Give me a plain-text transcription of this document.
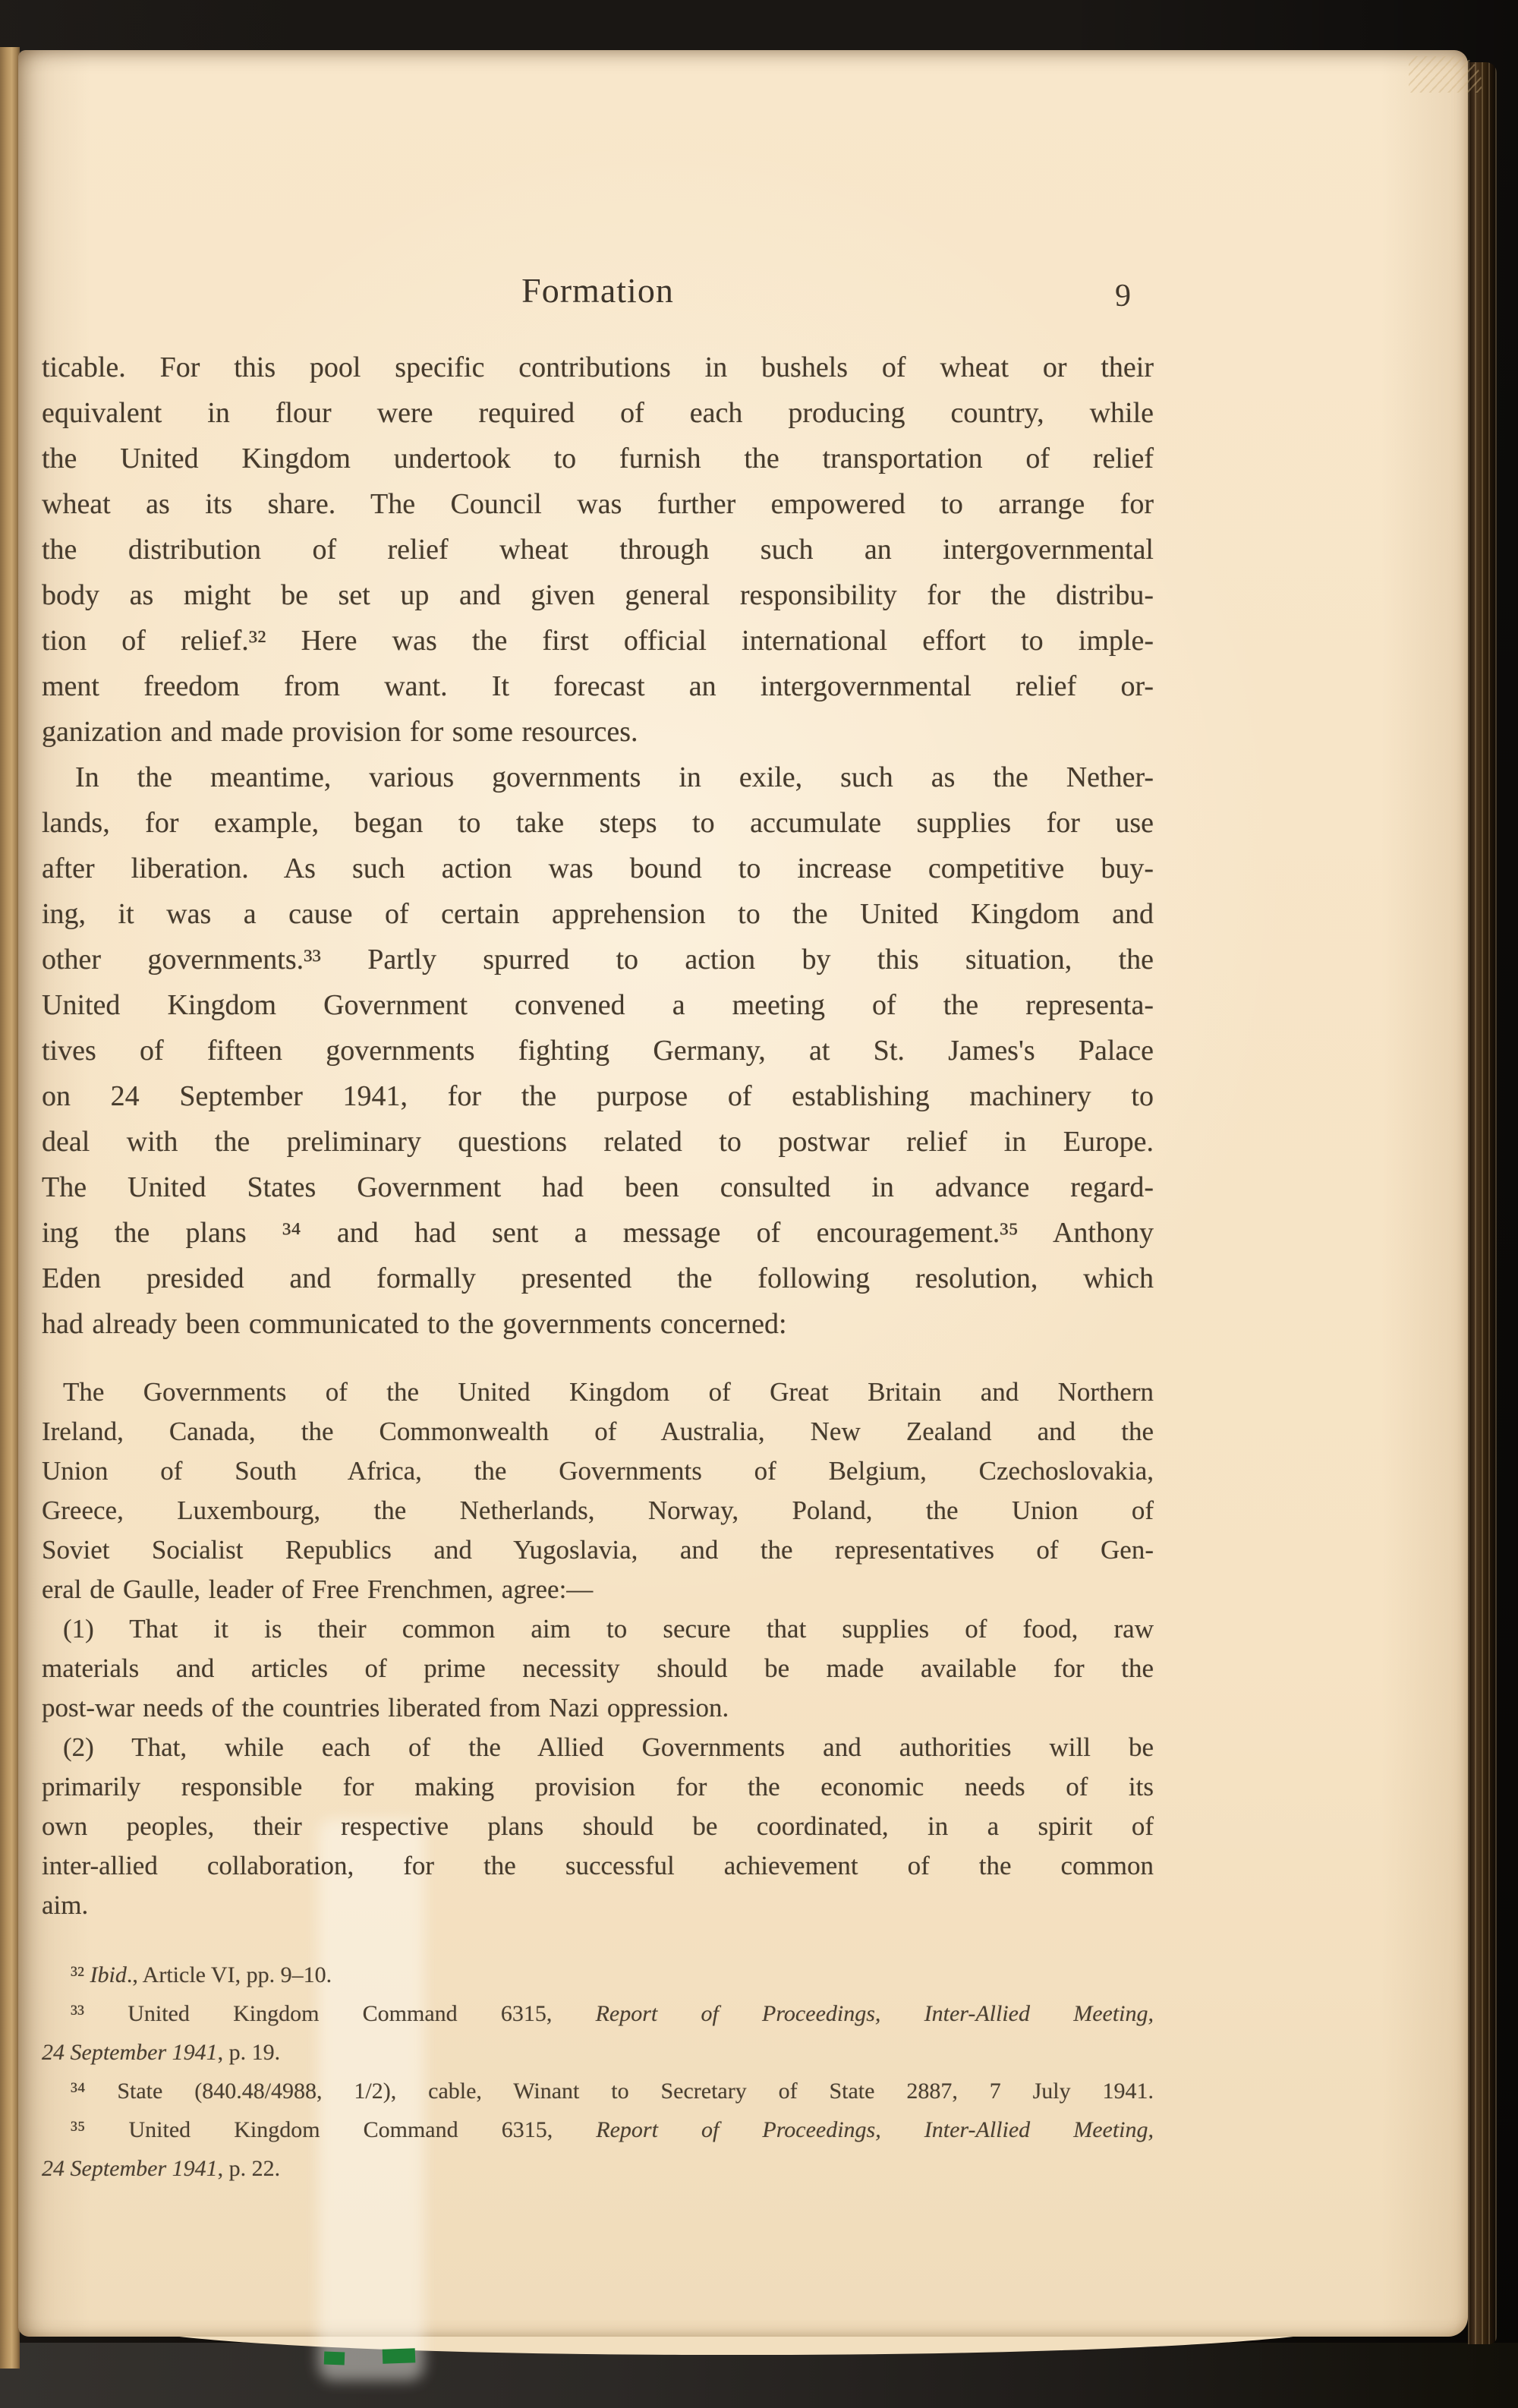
Formation	9
ticable. For this pool specific contributions in bushels of wheat or their
equivalent in flour were required of each producing country, while
the United Kingdom undertook to furnish the transportation of relief
wheat as its share. The Council was further empowered to arrange for
the distribution of relief wheat through such an intergovernmental
body as might be set up and given general responsibility for the distribu-
tion of relief.³² Here was the first official international effort to imple-
ment freedom from want. It forecast an intergovernmental relief or-
ganization and made provision for some resources.
In the meantime, various governments in exile, such as the Nether-
lands, for example, began to take steps to accumulate supplies for use
after liberation. As such action was bound to increase competitive buy-
ing, it was a cause of certain apprehension to the United Kingdom and
other governments.³³ Partly spurred to action by this situation, the
United Kingdom Government convened a meeting of the representa-
tives of fifteen governments fighting Germany, at St. James's Palace
on 24 September 1941, for the purpose of establishing machinery to
deal with the preliminary questions related to postwar relief in Europe.
The United States Government had been consulted in advance regard-
ing the plans ³⁴ and had sent a message of encouragement.³⁵ Anthony
Eden presided and formally presented the following resolution, which
had already been communicated to the governments concerned:
The Governments of the United Kingdom of Great Britain and Northern
Ireland, Canada, the Commonwealth of Australia, New Zealand and the
Union of South Africa, the Governments of Belgium, Czechoslovakia,
Greece, Luxembourg, the Netherlands, Norway, Poland, the Union of
Soviet Socialist Republics and Yugoslavia, and the representatives of Gen-
eral de Gaulle, leader of Free Frenchmen, agree:—
(1) That it is their common aim to secure that supplies of food, raw
materials and articles of prime necessity should be made available for the
post-war needs of the countries liberated from Nazi oppression.
(2) That, while each of the Allied Governments and authorities will be
primarily responsible for making provision for the economic needs of its
own peoples, their respective plans should be coordinated, in a spirit of
inter-allied collaboration, for the successful achievement of the common
aim.
³² Ibid., Article VI, pp. 9–10.
³³ United Kingdom Command 6315, Report of Proceedings, Inter-Allied Meeting,
24 September 1941, p. 19.
³⁴ State (840.48/4988, 1/2), cable, Winant to Secretary of State 2887, 7 July 1941.
³⁵ United Kingdom Command 6315, Report of Proceedings, Inter-Allied Meeting,
24 September 1941, p. 22.
